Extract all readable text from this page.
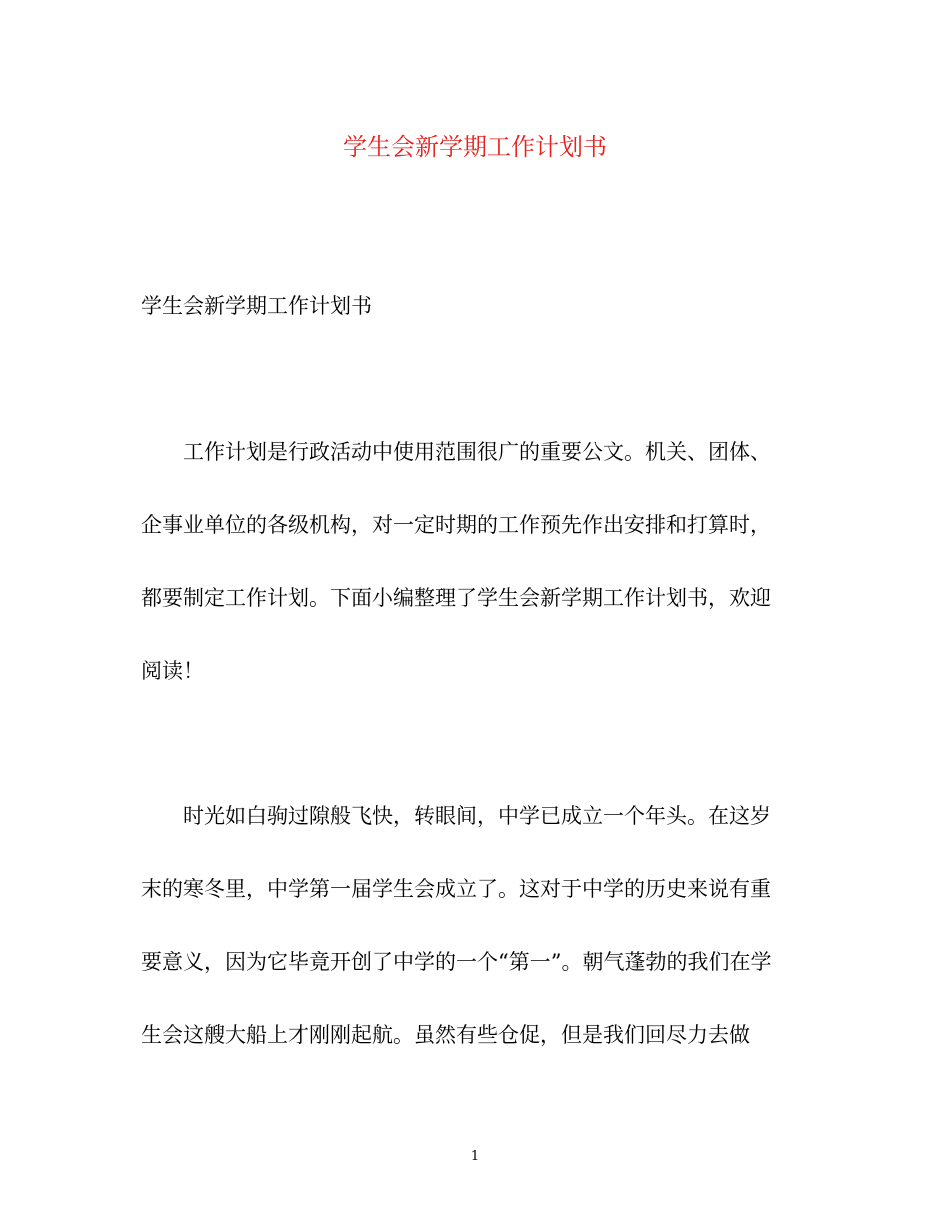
学生会新学期工作计划书
学生会新学期工作计划书
　　工作计划是行政活动中使用范围很广的重要公文。机关、团体、
企事业单位的各级机构，对一定时期的工作预先作出安排和打算时，
都要制定工作计划。下面小编整理了学生会新学期工作计划书，欢迎
阅读！
　　时光如白驹过隙般飞快，转眼间，中学已成立一个年头。在这岁
末的寒冬里，中学第一届学生会成立了。这对于中学的历史来说有重
要意义，因为它毕竟开创了中学的一个“第一”。朝气蓬勃的我们在学
生会这艘大船上才刚刚起航。虽然有些仓促，但是我们回尽力去做
1
